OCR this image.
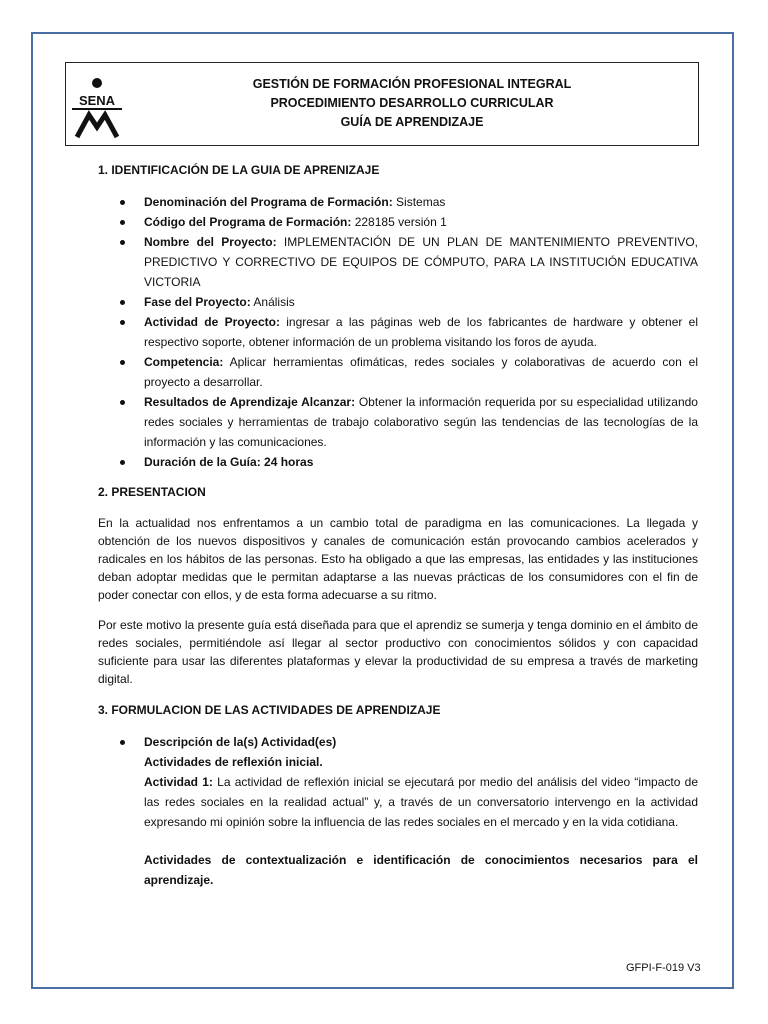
SENA
GESTIÓN DE FORMACIÓN PROFESIONAL INTEGRAL
PROCEDIMIENTO DESARROLLO CURRICULAR
GUÍA DE APRENDIZAJE
1. IDENTIFICACIÓN DE LA GUIA DE APRENIZAJE
Denominación del Programa de Formación: Sistemas
Código del Programa de Formación: 228185 versión 1
Nombre del Proyecto: IMPLEMENTACIÓN DE UN PLAN DE MANTENIMIENTO PREVENTIVO, PREDICTIVO Y CORRECTIVO DE EQUIPOS DE CÓMPUTO, PARA LA INSTITUCIÓN EDUCATIVA VICTORIA
Fase del Proyecto: Análisis
Actividad de Proyecto: ingresar a las páginas web de los fabricantes de hardware y obtener el respectivo soporte, obtener información de un problema visitando los foros de ayuda.
Competencia: Aplicar herramientas ofimáticas, redes sociales y colaborativas de acuerdo con el proyecto a desarrollar.
Resultados de Aprendizaje Alcanzar: Obtener la información requerida por su especialidad utilizando redes sociales y herramientas de trabajo colaborativo según las tendencias de las tecnologías de la información y las comunicaciones.
Duración de la Guía: 24 horas
2. PRESENTACION

En la actualidad nos enfrentamos a un cambio total de paradigma en las comunicaciones. La llegada y obtención de los nuevos dispositivos y canales de comunicación están provocando cambios acelerados y radicales en los hábitos de las personas. Esto ha obligado a que las empresas, las entidades y las instituciones deban adoptar medidas que le permitan adaptarse a las nuevas prácticas de los consumidores con el fin de poder conectar con ellos, y de esta forma adecuarse a su ritmo.

Por este motivo la presente guía está diseñada para que el aprendiz se sumerja y tenga dominio en el ámbito de redes sociales, permitiéndole así llegar al sector productivo con conocimientos sólidos y con capacidad suficiente para usar las diferentes plataformas y elevar la productividad de su empresa a través de marketing digital.

3. FORMULACION DE LAS ACTIVIDADES DE APRENDIZAJE
Descripción de la(s) Actividad(es)
Actividades de reflexión inicial.
Actividad 1: La actividad de reflexión inicial se ejecutará por medio del análisis del video “impacto de las redes sociales en la realidad actual” y, a través de un conversatorio intervengo en la actividad expresando mi opinión sobre la influencia de las redes sociales en el mercado y en la vida cotidiana.
Actividades de contextualización e identificación de conocimientos necesarios para el aprendizaje.
GFPI-F-019 V3
